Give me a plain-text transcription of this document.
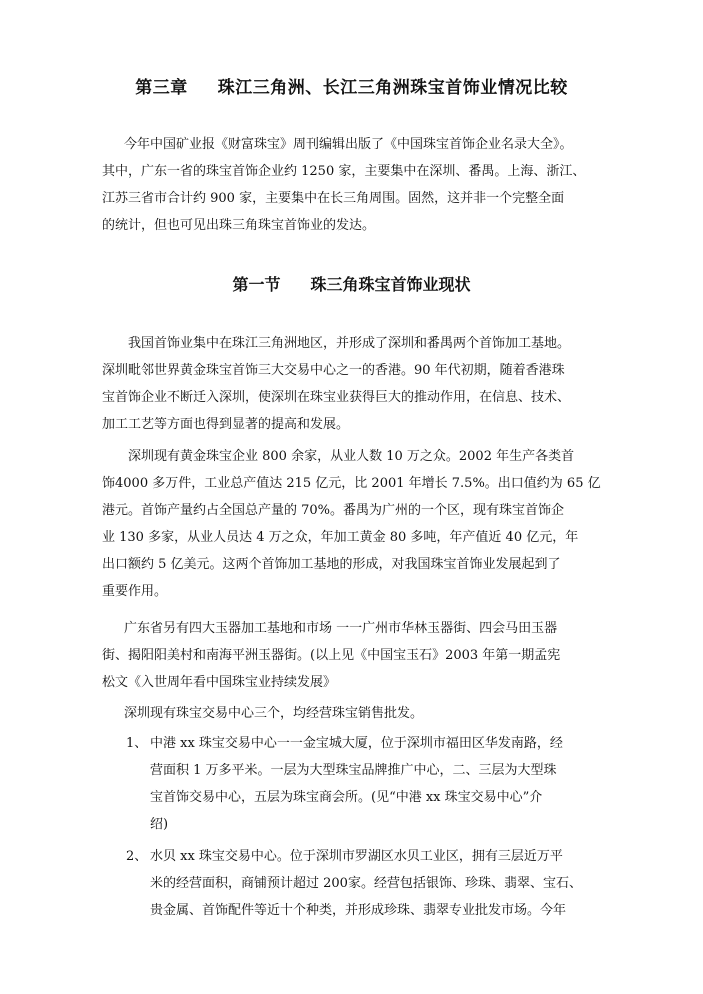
第三章 珠江三角洲、长江三角洲珠宝首饰业情况比较
今年中国矿业报《财富珠宝》周刊编辑出版了《中国珠宝首饰企业名录大全》。
其中，广东一省的珠宝首饰企业约 1250 家，主要集中在深圳、番禺。上海、浙江、
江苏三省市合计约 900 家，主要集中在长三角周围。固然，这并非一个完整全面
的统计，但也可见出珠三角珠宝首饰业的发达。
第一节 珠三角珠宝首饰业现状
我国首饰业集中在珠江三角洲地区，并形成了深圳和番禺两个首饰加工基地。
深圳毗邻世界黄金珠宝首饰三大交易中心之一的香港。90 年代初期，随着香港珠
宝首饰企业不断迁入深圳，使深圳在珠宝业获得巨大的推动作用，在信息、技术、
加工工艺等方面也得到显著的提高和发展。
深圳现有黄金珠宝企业 800 余家，从业人数 10 万之众。2002 年生产各类首
饰4000 多万件，工业总产值达 215 亿元，比 2001 年增长 7.5%。出口值约为 65 亿
港元。首饰产量约占全国总产量的 70%。番禺为广州的一个区，现有珠宝首饰企
业 130 多家，从业人员达 4 万之众，年加工黄金 80 多吨，年产值近 40 亿元，年
出口额约 5 亿美元。这两个首饰加工基地的形成，对我国珠宝首饰业发展起到了
重要作用。
广东省另有四大玉器加工基地和市场 一一广州市华林玉器街、四会马田玉器
街、揭阳阳美村和南海平洲玉器街。(以上见《中国宝玉石》2003 年第一期孟宪
松文《入世周年看中国珠宝业持续发展》
深圳现有珠宝交易中心三个，均经营珠宝销售批发。
1、 中港 xx 珠宝交易中心一一金宝城大厦，位于深圳市福田区华发南路，经
营面积 1 万多平米。一层为大型珠宝品牌推广中心，二、三层为大型珠
宝首饰交易中心，五层为珠宝商会所。(见“中港 xx 珠宝交易中心”介
绍)
2、 水贝 xx 珠宝交易中心。位于深圳市罗湖区水贝工业区，拥有三层近万平
米的经营面积，商铺预计超过 200家。经营包括银饰、珍珠、翡翠、宝石、
贵金属、首饰配件等近十个种类，并形成珍珠、翡翠专业批发市场。今年
